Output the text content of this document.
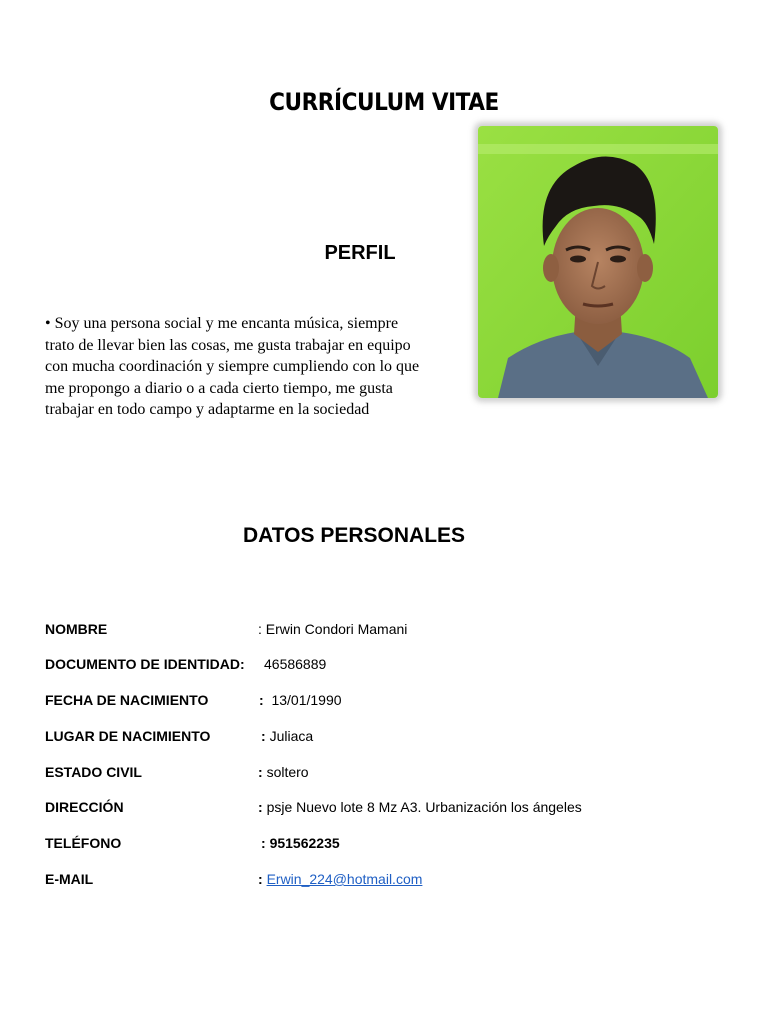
CURRÍCULUM VITAE
PERFIL
• Soy una persona social y me encanta música, siempre
trato de llevar bien las cosas, me gusta trabajar en equipo
con mucha coordinación y siempre cumpliendo con lo que
me propongo a diario o a cada cierto tiempo, me gusta
trabajar en todo campo y adaptarme en la sociedad
DATOS PERSONALES
NOMBRE	: Erwin Condori Mamani
DOCUMENTO DE IDENTIDAD: 46586889
FECHA DE NACIMIENTO	: 13/01/1990
LUGAR DE NACIMIENTO	: Juliaca
ESTADO CIVIL	: soltero
DIRECCIÓN	: psje Nuevo lote 8 Mz A3. Urbanización los ángeles
TELÉFONO	: 951562235
E-MAIL	: Erwin_224@hotmail.com
